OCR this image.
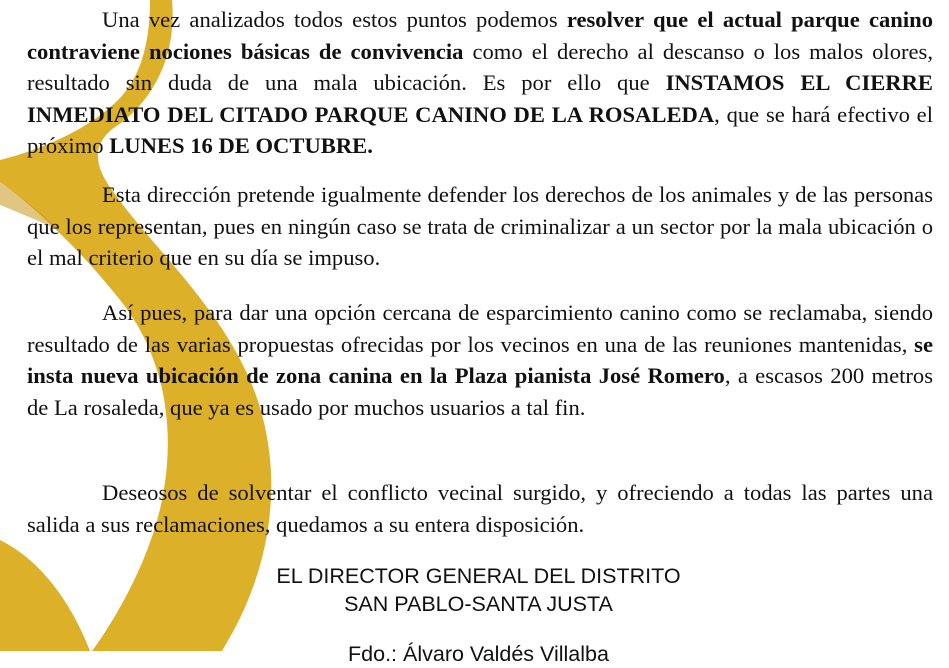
Una vez analizados todos estos puntos podemos resolver que el actual parque canino contraviene nociones básicas de convivencia como el derecho al descanso o los malos olores, resultado sin duda de una mala ubicación. Es por ello que INSTAMOS EL CIERRE INMEDIATO DEL CITADO PARQUE CANINO DE LA ROSALEDA, que se hará efectivo el próximo LUNES 16 DE OCTUBRE.

Esta dirección pretende igualmente defender los derechos de los animales y de las personas que los representan, pues en ningún caso se trata de criminalizar a un sector por la mala ubicación o el mal criterio que en su día se impuso.

Así pues, para dar una opción cercana de esparcimiento canino como se reclamaba, siendo resultado de las varias propuestas ofrecidas por los vecinos en una de las reuniones mantenidas, se insta nueva ubicación de zona canina en la Plaza pianista José Romero, a escasos 200 metros de La rosaleda, que ya es usado por muchos usuarios a tal fin.

Deseosos de solventar el conflicto vecinal surgido, y ofreciendo a todas las partes una salida a sus reclamaciones, quedamos a su entera disposición.

EL DIRECTOR GENERAL DEL DISTRITO

SAN PABLO-SANTA JUSTA

Fdo.: Álvaro Valdés Villalba
